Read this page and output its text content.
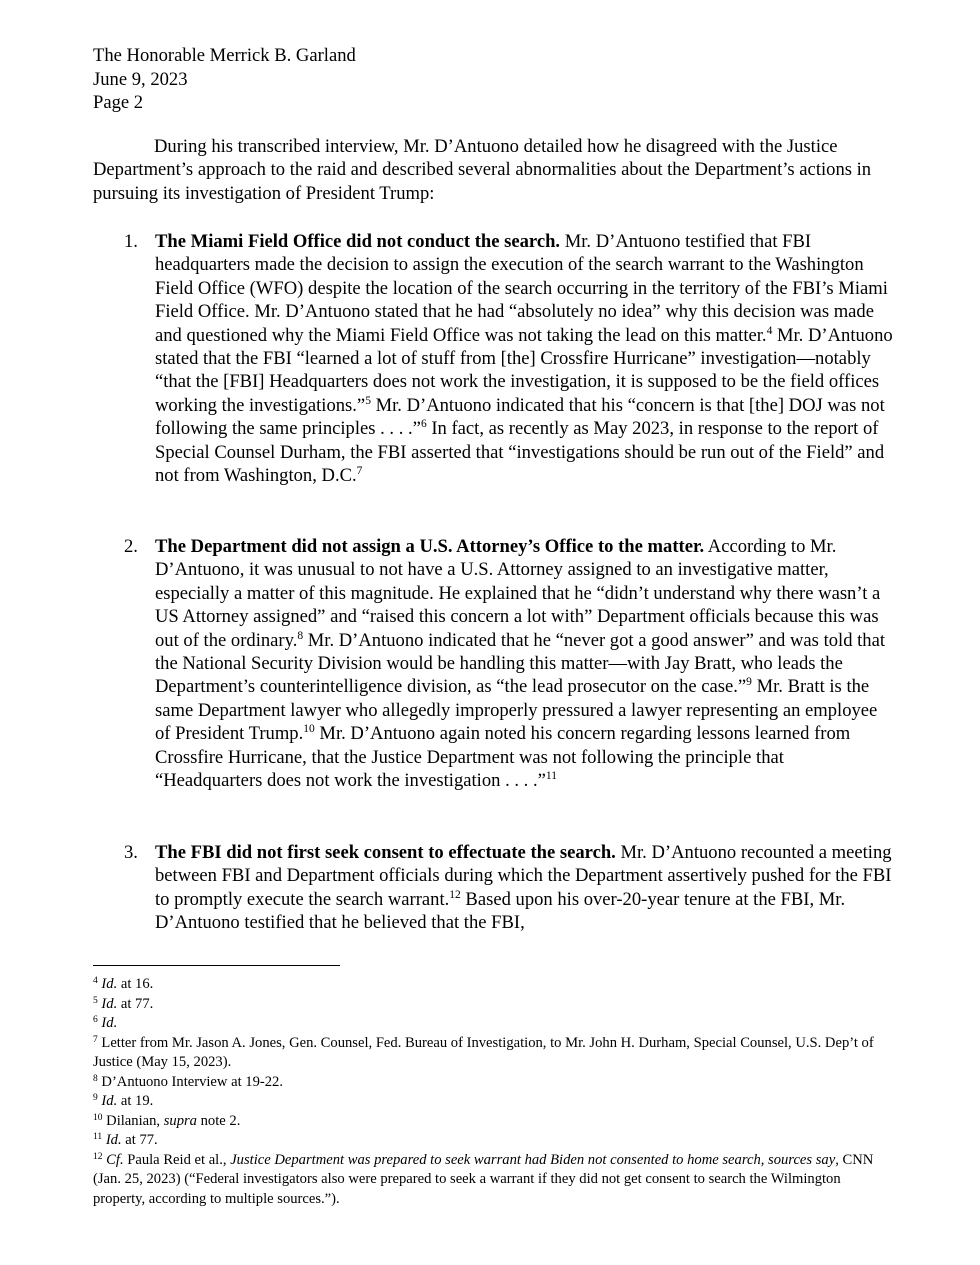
The Honorable Merrick B. Garland
June 9, 2023
Page 2

During his transcribed interview, Mr. D’Antuono detailed how he disagreed with the Justice Department’s approach to the raid and described several abnormalities about the Department’s actions in pursuing its investigation of President Trump:

1. The Miami Field Office did not conduct the search. Mr. D’Antuono testified that FBI headquarters made the decision to assign the execution of the search warrant to the Washington Field Office (WFO) despite the location of the search occurring in the territory of the FBI’s Miami Field Office. Mr. D’Antuono stated that he had “absolutely no idea” why this decision was made and questioned why the Miami Field Office was not taking the lead on this matter.$^4$ Mr. D’Antuono stated that the FBI “learned a lot of stuff from [the] Crossfire Hurricane” investigation—notably “that the [FBI] Headquarters does not work the investigation, it is supposed to be the field offices working the investigations.”$^5$ Mr. D’Antuono indicated that his “concern is that [the] DOJ was not following the same principles . . . .”$^6$ In fact, as recently as May 2023, in response to the report of Special Counsel Durham, the FBI asserted that “investigations should be run out of the Field” and not from Washington, D.C.$^7$

2. The Department did not assign a U.S. Attorney’s Office to the matter. According to Mr. D’Antuono, it was unusual to not have a U.S. Attorney assigned to an investigative matter, especially a matter of this magnitude. He explained that he “didn’t understand why there wasn’t a US Attorney assigned” and “raised this concern a lot with” Department officials because this was out of the ordinary.$^8$ Mr. D’Antuono indicated that he “never got a good answer” and was told that the National Security Division would be handling this matter—with Jay Bratt, who leads the Department’s counterintelligence division, as “the lead prosecutor on the case.”$^9$ Mr. Bratt is the same Department lawyer who allegedly improperly pressured a lawyer representing an employee of President Trump.$^{10}$ Mr. D’Antuono again noted his concern regarding lessons learned from Crossfire Hurricane, that the Justice Department was not following the principle that “Headquarters does not work the investigation . . . .”$^{11}$

3. The FBI did not first seek consent to effectuate the search. Mr. D’Antuono recounted a meeting between FBI and Department officials during which the Department assertively pushed for the FBI to promptly execute the search warrant.$^{12}$ Based upon his over-20-year tenure at the FBI, Mr. D’Antuono testified that he believed that the FBI,

$^4$ Id. at 16.

$^5$ Id. at 77.

$^6$ Id.

$^7$ Letter from Mr. Jason A. Jones, Gen. Counsel, Fed. Bureau of Investigation, to Mr. John H. Durham, Special Counsel, U.S. Dep’t of Justice (May 15, 2023).

$^8$ D’Antuono Interview at 19-22.

$^9$ Id. at 19.

$^{10}$ Dilanian, supra note 2.

$^{11}$ Id. at 77.

$^{12}$ Cf. Paula Reid et al., Justice Department was prepared to seek warrant had Biden not consented to home search, sources say, CNN (Jan. 25, 2023) (“Federal investigators also were prepared to seek a warrant if they did not get consent to search the Wilmington property, according to multiple sources.”).
